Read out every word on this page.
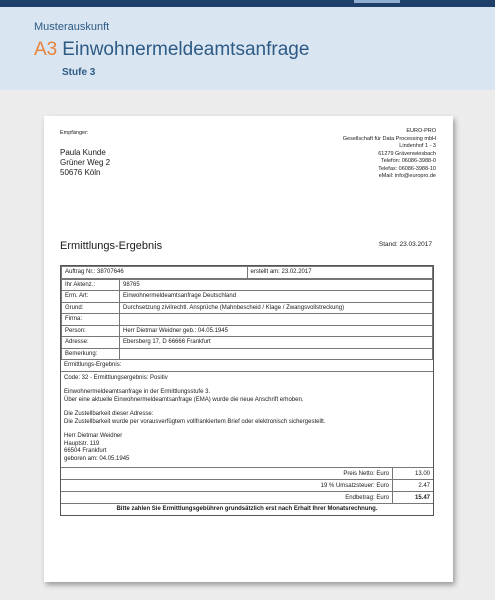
Musterauskunft
A3 Einwohnermeldeamtsanfrage
Stufe 3
Empfänger:
Paula Kunde
Grüner Weg 2
50676 Köln
EURO-PRO
Gesellschaft für Data Processing mbH
Lindenhof 1 - 3
61279 Grävenwiesbach
Telefon: 06086-3988-0
Telefax: 06086-3988-10
eMail: info@europro.de
Ermittlungs-Ergebnis	Stand: 23.03.2017
Auftrag Nr.: 38707646	erstellt am: 23.02.2017
Ihr Aktenz.:	98765
Erm. Art:	Einwohnermeldeamtsanfrage Deutschland
Grund:	Durchsetzung zivilrechtl. Ansprüche (Mahnbescheid / Klage / Zwangsvollstreckung)
Firma:	
Person:	Herr Dietmar Weidner geb.: 04.05.1945
Adresse:	Ebersberg 17, D 66666 Frankfurt
Bemerkung:	
Ermittlungs-Ergebnis:

Code: 32 - Ermittlungsergebnis: Positiv

Einwohnermeldeamtsanfrage in der Ermittlungsstufe 3.
Über eine aktuelle Einwohnermeldeamtsanfrage (EMA) wurde die neue Anschrift erhoben.

Die Zustellbarkeit dieser Adresse:
Die Zustellbarkeit wurde per vorausverfügtem vollfrankiertem Brief oder elektronisch sichergestellt.

Herr Dietmar Weidner
Hauptstr. 119
66504 Frankfurt
geboren am: 04.05.1945

Preis Netto: Euro	13.00
19 % Umsatzsteuer: Euro	2.47
Endbetrag: Euro	15.47
Bitte zahlen Sie Ermittlungsgebühren grundsätzlich erst nach Erhalt Ihrer Monatsrechnung.
